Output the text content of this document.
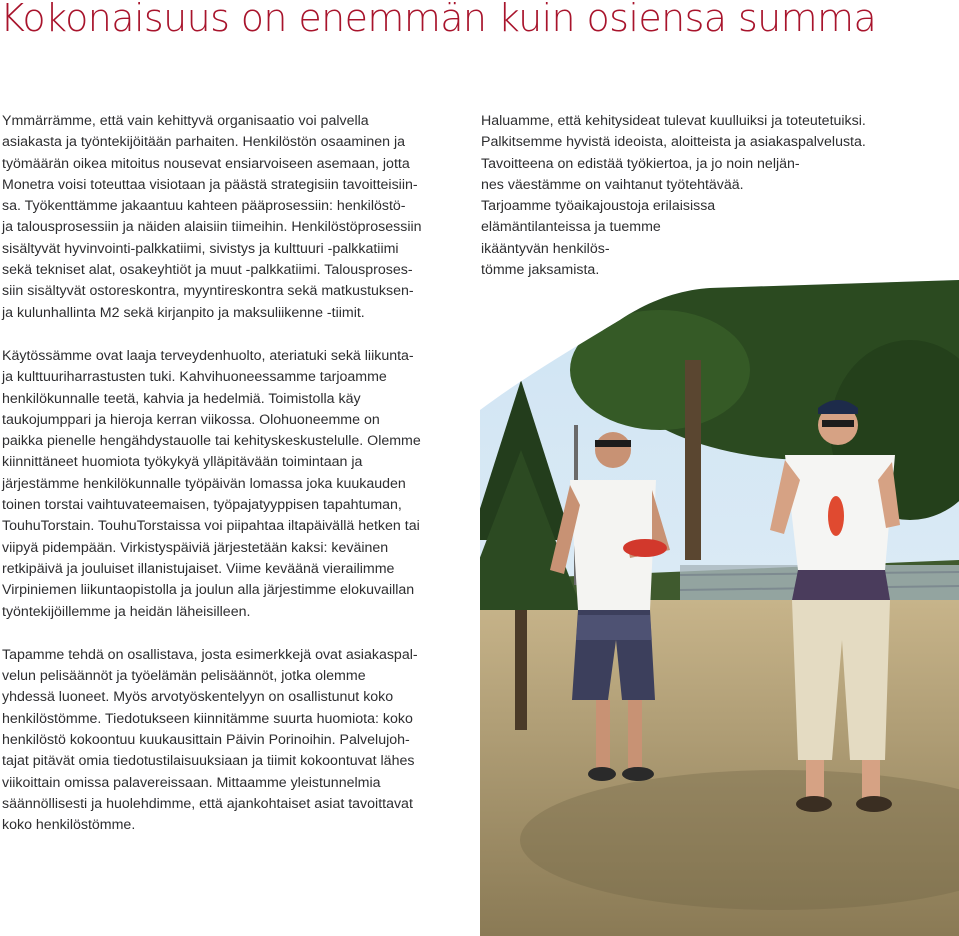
Kokonaisuus on enemmän kuin osiensa summa

Ymmärrämme, että vain kehittyvä organisaatio voi palvella
asiakasta ja työntekijöitään parhaiten. Henkilöstön osaaminen ja
työmäärän oikea mitoitus nousevat ensiarvoiseen asemaan, jotta
Monetra voisi toteuttaa visiotaan ja päästä strategisiin tavoitteisiin-
sa. Työkenttämme jakaantuu kahteen pääprosessiin: henkilöstö-
ja talousprosessiin ja näiden alaisiin tiimeihin. Henkilöstöprosessiin
sisältyvät hyvinvointi-palkkatiimi, sivistys ja kulttuuri -palkkatiimi
sekä tekniset alat, osakeyhtiöt ja muut -palkkatiimi. Talousproses-
siin sisältyvät ostoreskontra, myyntireskontra sekä matkustuksen-
ja kulunhallinta M2 sekä kirjanpito ja maksuliikenne -tiimit.

Käytössämme ovat laaja terveydenhuolto, ateriatuki sekä liikunta-
ja kulttuuriharrastusten tuki. Kahvihuoneessamme tarjoamme
henkilökunnalle teetä, kahvia ja hedelmiä. Toimistolla käy
taukojumppari ja hieroja kerran viikossa. Olohuoneemme on
paikka pienelle hengähdystauolle tai kehityskeskustelulle. Olemme
kiinnittäneet huomiota työkykyä ylläpitävään toimintaan ja
järjestämme henkilökunnalle työpäivän lomassa joka kuukauden
toinen torstai vaihtuvateemaisen, työpajatyyppisen tapahtuman,
TouhuTorstain. TouhuTorstaissa voi piipahtaa iltapäivällä hetken tai
viipyä pidempään. Virkistyspäiviä järjestetään kaksi: keväinen
retkipäivä ja jouluiset illanistujaiset. Viime keväänä vierailimme
Virpiniemen liikuntaopistolla ja joulun alla järjestimme elokuvaillan
työntekijöillemme ja heidän läheisilleen.

Tapamme tehdä on osallistava, josta esimerkkejä ovat asiakaspal-
velun pelisäännöt ja työelämän pelisäännöt, jotka olemme
yhdessä luoneet. Myös arvotyöskentelyyn on osallistunut koko
henkilöstömme. Tiedotukseen kiinnitämme suurta huomiota: koko
henkilöstö kokoontuu kuukausittain Päivin Porinoihin. Palvelujoh-
tajat pitävät omia tiedotustilaisuuksiaan ja tiimit kokoontuvat lähes
viikoittain omissa palavereissaan. Mittaamme yleistunnelmia
säännöllisesti ja huolehdimme, että ajankohtaiset asiat tavoittavat
koko henkilöstömme.

Haluamme, että kehitysideat tulevat kuulluiksi ja toteutetuiksi.
Palkitsemme hyvistä ideoista, aloitteista ja asiakaspalvelusta.
Tavoitteena on edistää työkiertoa, ja jo noin neljän-
nes väestämme on vaihtanut työtehtävää.
Tarjoamme työaikajoustoja erilaisissa
elämäntilanteissa ja tuemme
ikääntyvän henkilös-
tömme jaksamista.
